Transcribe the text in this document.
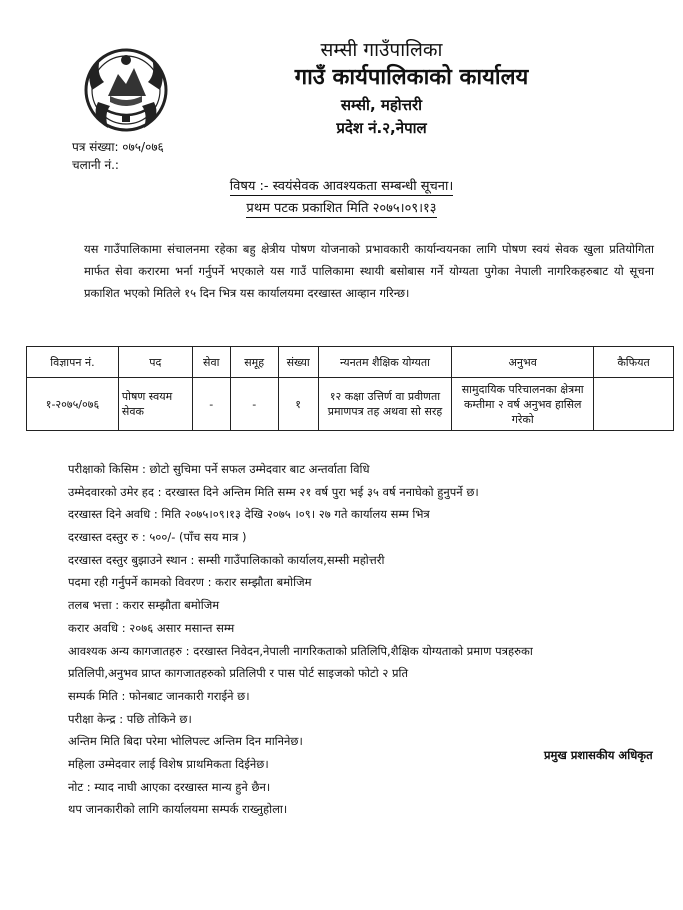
सम्सी गाउँपालिका
गाउँ कार्यपालिकाको कार्यालय
सम्सी, महोत्तरी
प्रदेश नं.२,नेपाल
पत्र संख्या: ०७५/०७६
चलानी नं.:
विषय :- स्वयंसेवक आवश्यकता सम्बन्धी सूचना।
प्रथम पटक प्रकाशित मिति २०७५।०९।१३
यस गाउँपालिकामा संचालनमा रहेका बहु क्षेत्रीय पोषण योजनाको प्रभावकारी कार्यान्वयनका लागि पोषण स्वयं सेवक खुला प्रतियोगिता मार्फत सेवा करारमा भर्ना गर्नुपर्ने भएकाले यस गाउँ पालिकामा स्थायी बसोबास गर्ने योग्यता पुगेका नेपाली नागरिकहरुबाट यो सूचना प्रकाशित भएको मितिले १५ दिन भित्र यस कार्यालयमा दरखास्त आव्हान गरिन्छ।
विज्ञापन नं.	पद	सेवा	समूह	संख्या	न्यनतम शैक्षिक योग्यता	अनुभव	कैफियत
१-२०७५/०७६	पोषण स्वयम सेवक	-	-	१	१२ कक्षा उत्तिर्ण वा प्रवीणता प्रमाणपत्र तह अथवा सो सरह	सामुदायिक परिचालनका क्षेत्रमा कम्तीमा २ वर्ष अनुभव हासिल गरेको	
परीक्षाको किसिम : छोटो सुचिमा पर्ने सफल उम्मेदवार बाट अन्तर्वाता विधि
उम्मेदवारको उमेर हद : दरखास्त दिने अन्तिम मिति सम्म २१ वर्ष पुरा भई ३५ वर्ष ननाघेको हुनुपर्ने छ।
दरखास्त दिने अवधि : मिति २०७५।०९।१३ देखि २०७५ ।०९। २७ गते कार्यालय सम्म भित्र
दरखास्त दस्तुर रु : ५००/- (पाँच सय मात्र )
दरखास्त दस्तुर बुझाउने स्थान : सम्सी गाउँपालिकाको कार्यालय,सम्सी महोत्तरी
पदमा रही गर्नुपर्ने कामको विवरण : करार सम्झौता बमोजिम
तलब भत्ता : करार सम्झौता बमोजिम
करार अवधि : २०७६ असार मसान्त सम्म
आवश्यक अन्य कागजातहरु : दरखास्त निवेदन,नेपाली नागरिकताको प्रतिलिपि,शैक्षिक योग्यताको प्रमाण पत्रहरुका
प्रतिलिपी,अनुभव प्राप्त कागजातहरुको प्रतिलिपी र पास पोर्ट साइजको फोटो २ प्रति
सम्पर्क मिति : फोनबाट जानकारी गराईने छ।
परीक्षा केन्द्र : पछि तोकिने छ।
अन्तिम मिति बिदा परेमा भोलिपल्ट अन्तिम दिन मानिनेछ।
महिला उम्मेदवार लाई विशेष प्राथमिकता दिईनेछ।
नोट : म्याद नाघी आएका दरखास्त मान्य हुने छैन।
थप जानकारीको लागि कार्यालयमा सम्पर्क राख्नुहोला।
प्रमुख प्रशासकीय अधिकृत
